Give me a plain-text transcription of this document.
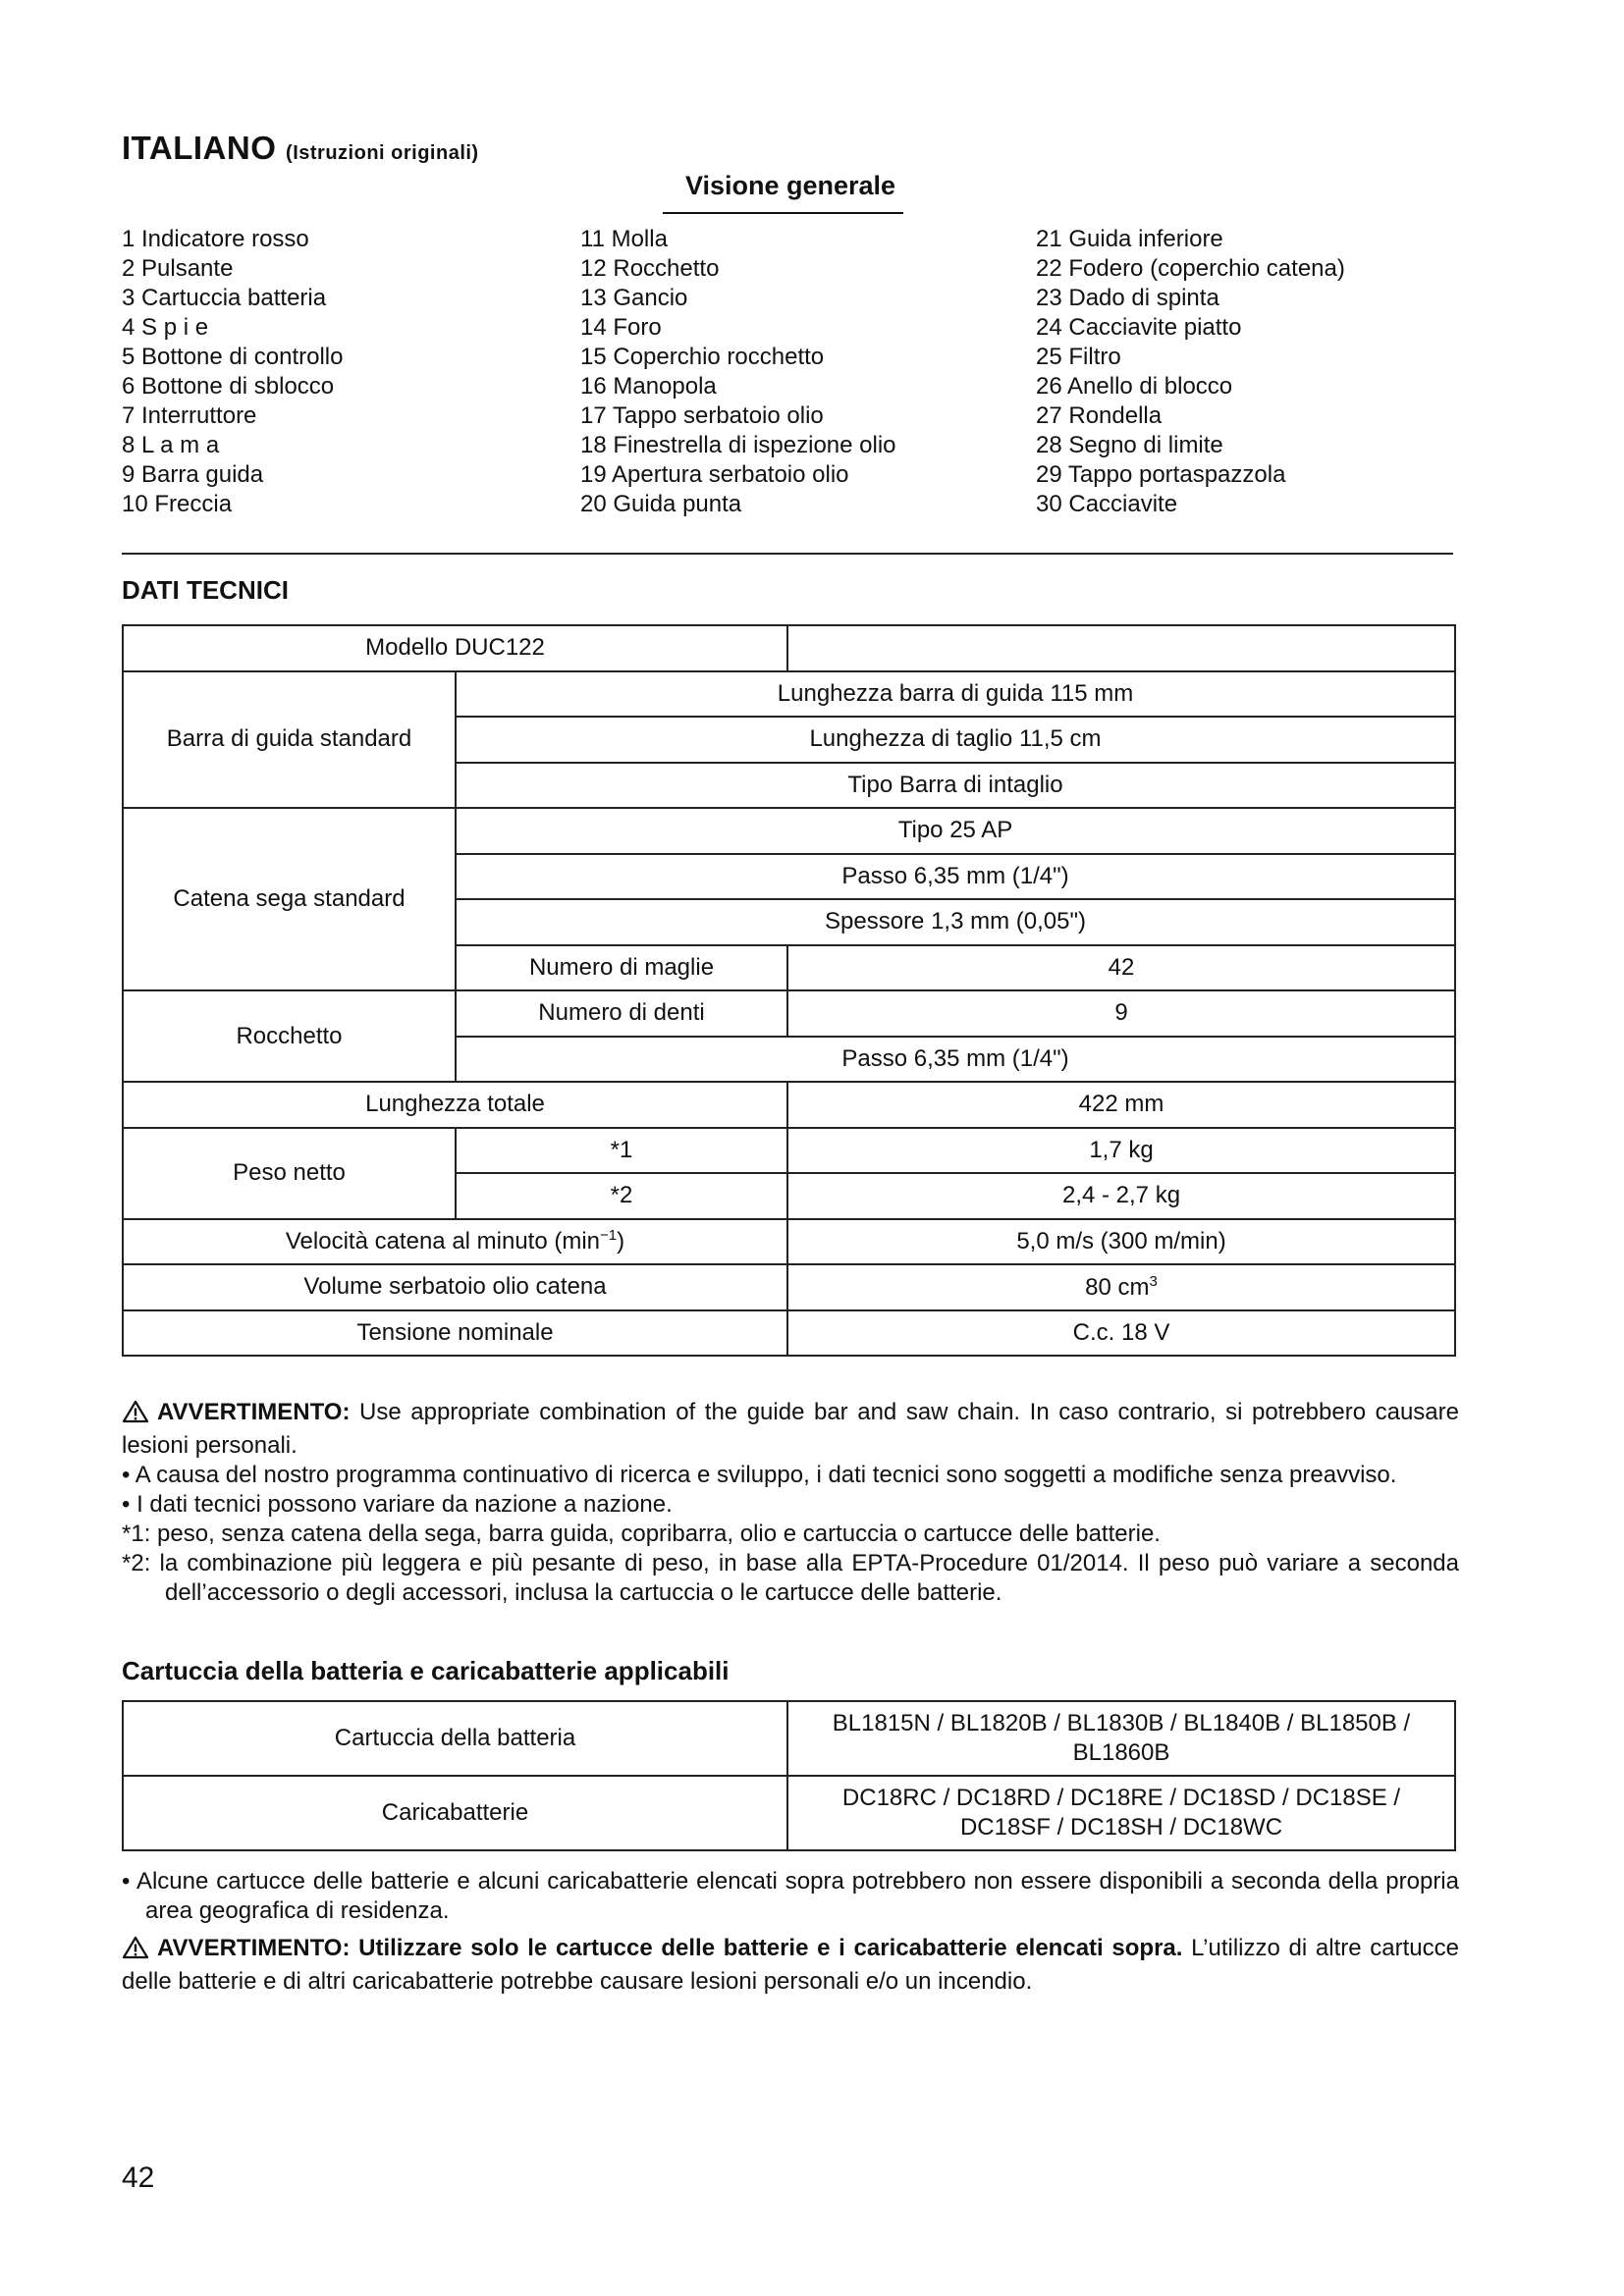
ITALIANO (Istruzioni originali)
Visione generale
1 Indicatore rosso
2 Pulsante
3 Cartuccia batteria
4 S p i e
5 Bottone di controllo
6 Bottone di sblocco
7 Interruttore
8 L a m a
9 Barra guida
10 Freccia
11 Molla
12 Rocchetto
13 Gancio
14 Foro
15 Coperchio rocchetto
16 Manopola
17 Tappo serbatoio olio
18 Finestrella di ispezione olio
19 Apertura serbatoio olio
20 Guida punta
21 Guida inferiore
22 Fodero (coperchio catena)
23 Dado di spinta
24 Cacciavite piatto
25 Filtro
26 Anello di blocco
27 Rondella
28 Segno di limite
29 Tappo portaspazzola
30 Cacciavite
DATI TECNICI
Modello DUC122		
Barra di guida standard	Lunghezza barra di guida 115 mm	
	Lunghezza di taglio 11,5 cm	
	Tipo Barra di intaglio	
Catena sega standard	Tipo 25 AP	
	Passo 6,35 mm (1/4")	
	Spessore 1,3 mm (0,05")	
	Numero di maglie	42
Rocchetto	Numero di denti	9
	Passo 6,35 mm (1/4")	
Lunghezza totale		422 mm
Peso netto	*1	1,7 kg
	*2	2,4 - 2,7 kg
Velocità catena al minuto $(\min^{-1})$		5,0 m/s (300 m/min)
Volume serbatoio olio catena		80 $cm^3$
Tensione nominale		C.c. 18 V

AVVERTIMENTO: Use appropriate combination of the guide bar and saw chain. In caso contrario, si potrebbero causare lesioni personali.

• A causa del nostro programma continuativo di ricerca e sviluppo, i dati tecnici sono soggetti a modifiche senza preavviso.

• I dati tecnici possono variare da nazione a nazione.

*1: peso, senza catena della sega, barra guida, copribarra, olio e cartuccia o cartucce delle batterie.

*2: la combinazione più leggera e più pesante di peso, in base alla EPTA-Procedure 01/2014. Il peso può variare a seconda dell’accessorio o degli accessori, inclusa la cartuccia o le cartucce delle batterie.

Cartuccia della batteria e caricabatterie applicabili
Cartuccia della batteria	BL1815N / BL1820B / BL1830B / BL1840B / BL1850B / BL1860B
Caricabatterie	DC18RC / DC18RD / DC18RE / DC18SD / DC18SE / DC18SF / DC18SH / DC18WC

• Alcune cartucce delle batterie e alcuni caricabatterie elencati sopra potrebbero non essere disponibili a seconda della propria area geografica di residenza.

AVVERTIMENTO: Utilizzare solo le cartucce delle batterie e i caricabatterie elencati sopra. L’utilizzo di altre cartucce delle batterie e di altri caricabatterie potrebbe causare lesioni personali e/o un incendio.

42
